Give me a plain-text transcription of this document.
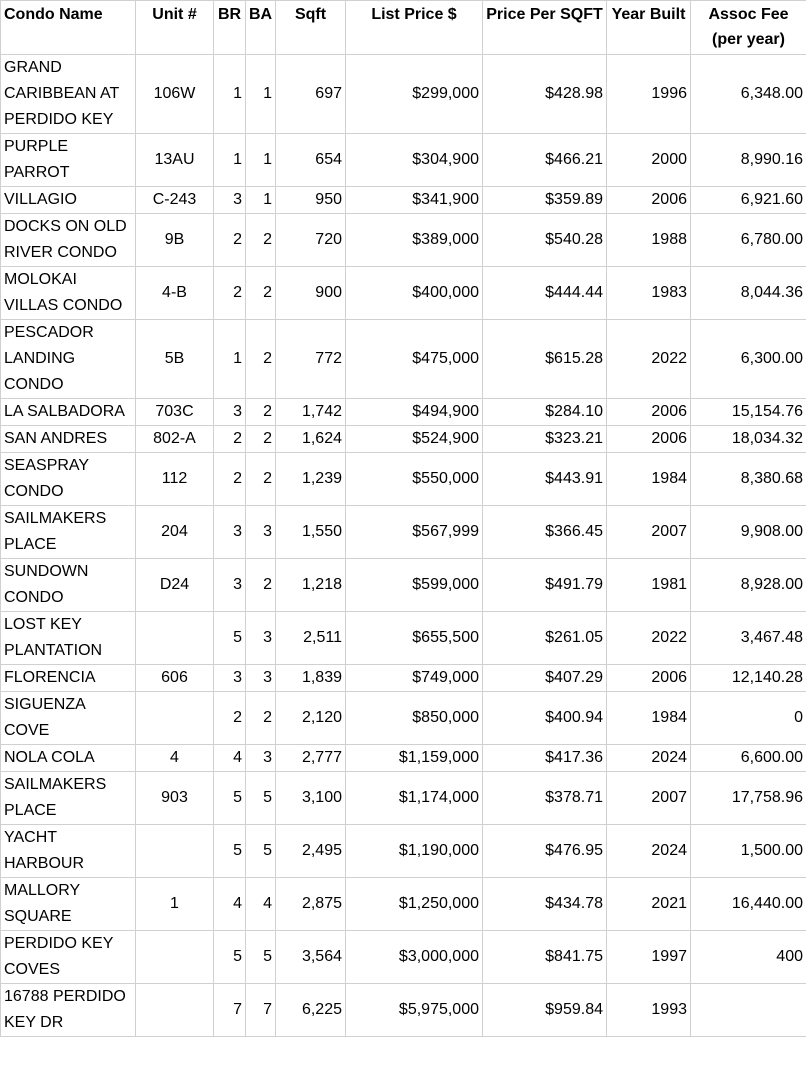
Condo Name	Unit #	BR	BA	Sqft	List Price $	Price Per SQFT	Year Built	Assoc Fee (per year)
GRAND CARIBBEAN AT PERDIDO KEY	106W	1	1	697	$299,000	$428.98	1996	6,348.00
PURPLE PARROT	13AU	1	1	654	$304,900	$466.21	2000	8,990.16
VILLAGIO	C-243	3	1	950	$341,900	$359.89	2006	6,921.60
DOCKS ON OLD RIVER CONDO	9B	2	2	720	$389,000	$540.28	1988	6,780.00
MOLOKAI VILLAS CONDO	4-B	2	2	900	$400,000	$444.44	1983	8,044.36
PESCADOR LANDING CONDO	5B	1	2	772	$475,000	$615.28	2022	6,300.00
LA SALBADORA	703C	3	2	1,742	$494,900	$284.10	2006	15,154.76
SAN ANDRES	802-A	2	2	1,624	$524,900	$323.21	2006	18,034.32
SEASPRAY CONDO	112	2	2	1,239	$550,000	$443.91	1984	8,380.68
SAILMAKERS PLACE	204	3	3	1,550	$567,999	$366.45	2007	9,908.00
SUNDOWN CONDO	D24	3	2	1,218	$599,000	$491.79	1981	8,928.00
LOST KEY PLANTATION		5	3	2,511	$655,500	$261.05	2022	3,467.48
FLORENCIA	606	3	3	1,839	$749,000	$407.29	2006	12,140.28
SIGUENZA COVE		2	2	2,120	$850,000	$400.94	1984	0
NOLA COLA	4	4	3	2,777	$1,159,000	$417.36	2024	6,600.00
SAILMAKERS PLACE	903	5	5	3,100	$1,174,000	$378.71	2007	17,758.96
YACHT HARBOUR		5	5	2,495	$1,190,000	$476.95	2024	1,500.00
MALLORY SQUARE	1	4	4	2,875	$1,250,000	$434.78	2021	16,440.00
PERDIDO KEY COVES		5	5	3,564	$3,000,000	$841.75	1997	400
16788 PERDIDO KEY DR		7	7	6,225	$5,975,000	$959.84	1993	
